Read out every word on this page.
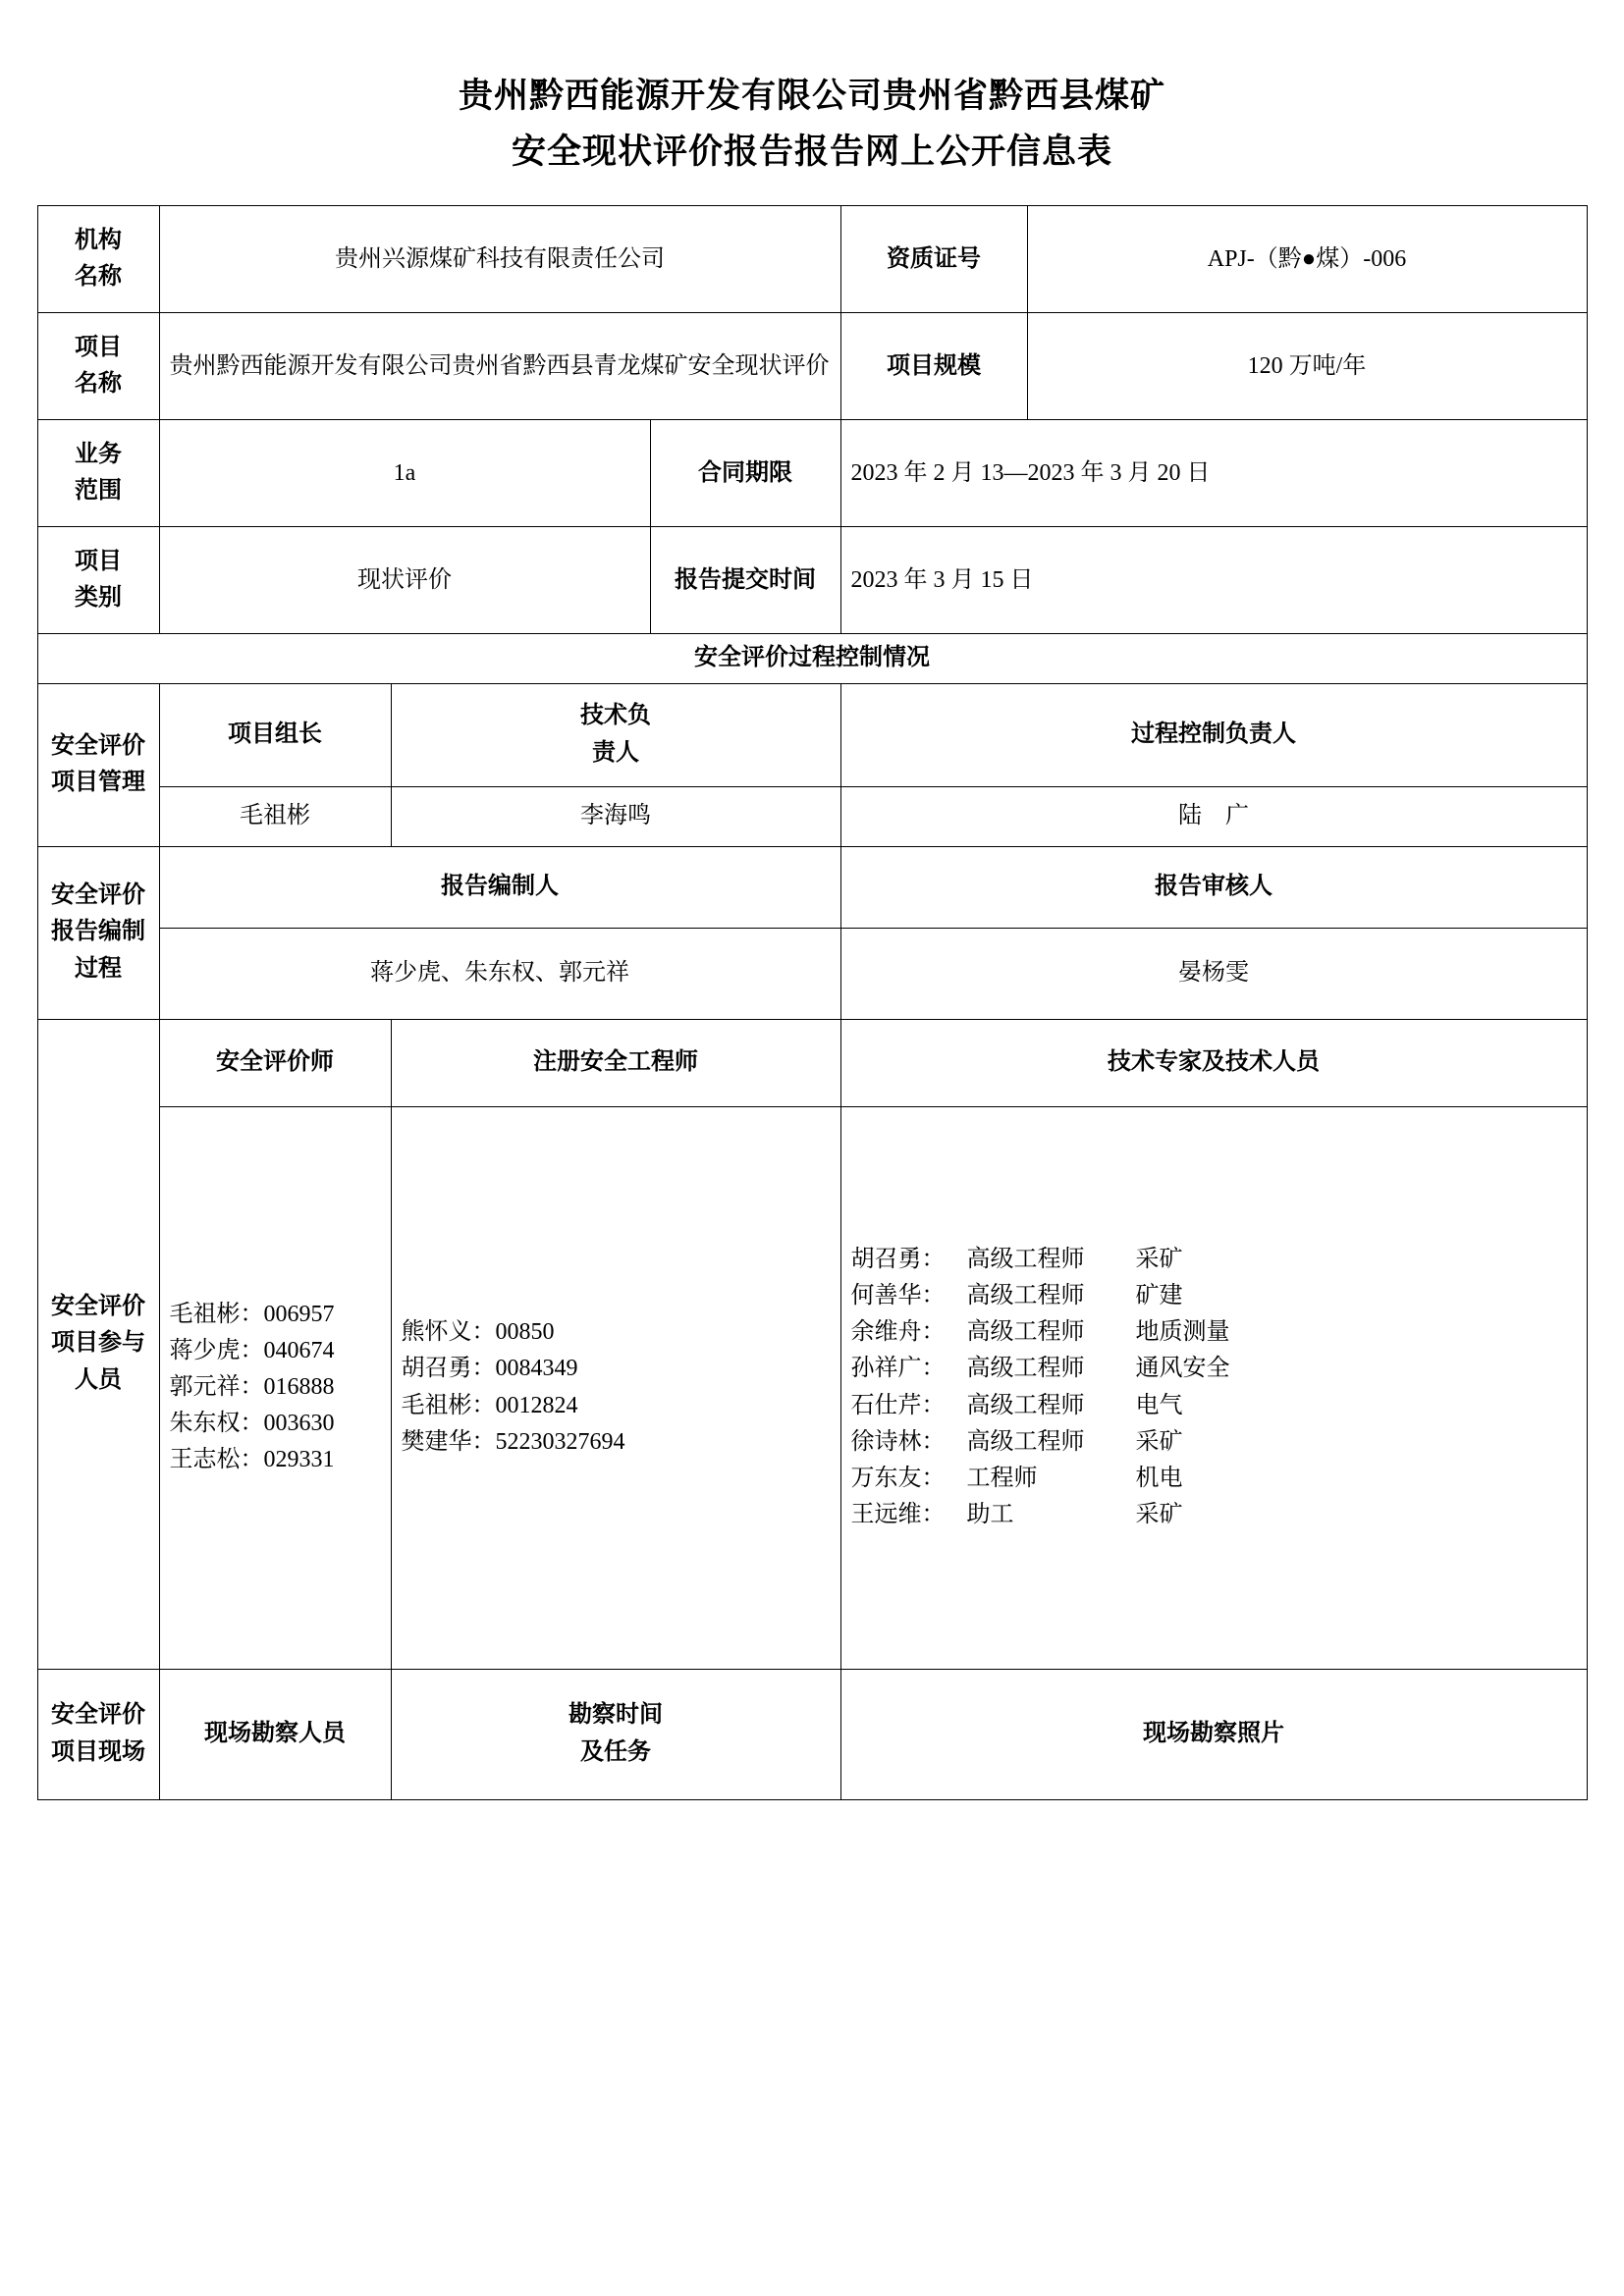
贵州黔西能源开发有限公司贵州省黔西县煤矿
安全现状评价报告报告网上公开信息表
机构
名称	贵州兴源煤矿科技有限责任公司			资质证号	APJ-（黔●煤）-006

项目
名称	贵州黔西能源开发有限公司贵州省黔西县青龙煤矿安全现状评价			项目规模	120 万吨/年

业务
范围	1a		合同期限	2023 年 2 月 13—2023 年 3 月 20 日	

项目
类别	现状评价		报告提交时间	2023 年 3 月 15 日	
安全评价过程控制情况					

安全评价
项目管理	项目组长	技术负
责人		过程控制负责人	
	毛祖彬	李海鸣		陆　广	

安全评价
报告编制
过程	报告编制人			报告审核人	
	蒋少虎、朱东权、郭元祥			晏杨雯	

安全评价
项目参与
人员	安全评价师	注册安全工程师		技术专家及技术人员	

毛祖彬：006957
蒋少虎：040674
郭元祥：016888
朱东权：003630
王志松：029331

熊怀义：00850
胡召勇：0084349
毛祖彬：0012824
樊建华：52230327694

胡召勇： 高级工程师 采矿
何善华： 高级工程师 矿建
余维舟： 高级工程师 地质测量
孙祥广： 高级工程师 通风安全
石仕芹： 高级工程师 电气
徐诗林： 高级工程师 采矿
万东友： 工程师	机电
王远维： 助工	采矿

安全评价
项目现场	现场勘察人员	勘察时间
及任务		现场勘察照片	
